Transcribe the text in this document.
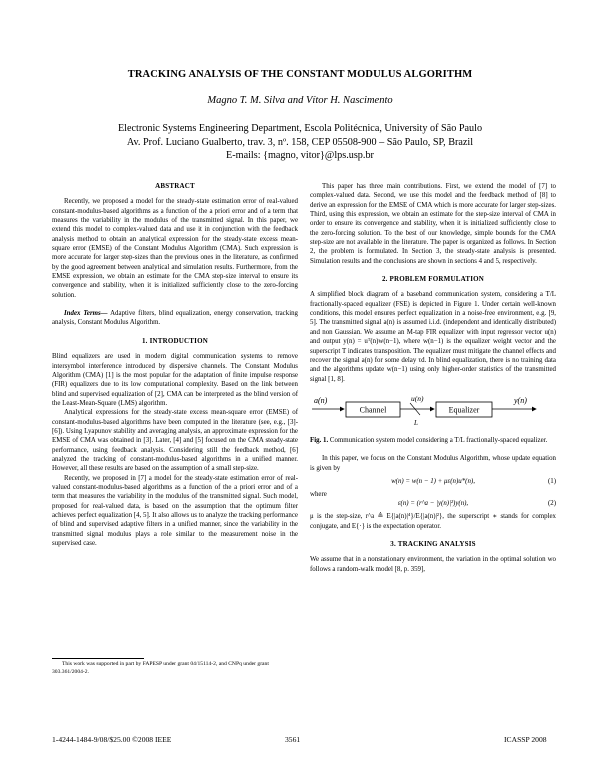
TRACKING ANALYSIS OF THE CONSTANT MODULUS ALGORITHM
Magno T. M. Silva and Vítor H. Nascimento
Electronic Systems Engineering Department, Escola Politécnica, University of São Paulo
Av. Prof. Luciano Gualberto, trav. 3, nº. 158, CEP 05508-900 – São Paulo, SP, Brazil
E-mails: {magno, vitor}@lps.usp.br
ABSTRACT

Recently, we proposed a model for the steady-state estimation error of real-valued constant-modulus-based algorithms as a function of the a priori error and of a term that measures the variability in the modulus of the transmitted signal. In this paper, we extend this model to complex-valued data and use it in conjunction with the feedback analysis method to obtain an analytical expression for the steady-state excess mean-square error (EMSE) of the Constant Modulus Algorithm (CMA). Such expression is more accurate for larger step-sizes than the previous ones in the literature, as confirmed by the good agreement between analytical and simulation results. Furthermore, from the EMSE expression, we obtain an estimate for the CMA step-size interval to ensure its convergence and stability, when it is initialized sufficiently close to the zero-forcing solution.

Index Terms— Adaptive filters, blind equalization, energy conservation, tracking analysis, Constant Modulus Algorithm.

1. INTRODUCTION

Blind equalizers are used in modern digital communication systems to remove intersymbol interference introduced by dispersive channels. The Constant Modulus Algorithm (CMA) [1] is the most popular for the adaptation of finite impulse response (FIR) equalizers due to its low computational complexity. Based on the link between blind and supervised equalization of [2], CMA can be interpreted as the blind version of the Least-Mean-Square (LMS) algorithm.

Analytical expressions for the steady-state excess mean-square error (EMSE) of constant-modulus-based algorithms have been computed in the literature (see, e.g., [3]-[6]). Using Lyapunov stability and averaging analysis, an approximate expression for the EMSE of CMA was obtained in [3]. Later, [4] and [5] focused on the CMA steady-state performance, using feedback analysis. Considering still the feedback method, [6] analyzed the tracking of constant-modulus-based algorithms in a unified manner. However, all these results are based on the assumption of a small step-size.

Recently, we proposed in [7] a model for the steady-state estimation error of real-valued constant-modulus-based algorithms as a function of the a priori error and of a term that measures the variability in the modulus of the transmitted signal. Such model, proposed for real-valued data, is based on the assumption that the optimum filter achieves perfect equalization [4, 5]. It also allows us to analyze the tracking performance of blind and supervised adaptive filters in a unified manner, since the variability in the transmitted signal modulus plays a role similar to the measurement noise in the supervised case.

This work was supported in part by FAPESP under grant 04/15114-2, and CNPq under grant 303.361/2004-2.

This paper has three main contributions. First, we extend the model of [7] to complex-valued data. Second, we use this model and the feedback method of [8] to derive an expression for the EMSE of CMA which is more accurate for larger step-sizes. Third, using this expression, we obtain an estimate for the step-size interval of CMA in order to ensure its convergence and stability, when it is initialized sufficiently close to the zero-forcing solution. To the best of our knowledge, simple bounds for the CMA step-size are not available in the literature. The paper is organized as follows. In Section 2, the problem is formulated. In Section 3, the steady-state analysis is presented. Simulation results and the conclusions are shown in sections 4 and 5, respectively.

2. PROBLEM FORMULATION

A simplified block diagram of a baseband communication system, considering a T/L fractionally-spaced equalizer (FSE) is depicted in Figure 1. Under certain well-known conditions, this model ensures perfect equalization in a noise-free environment, e.g. [9, 5]. The transmitted signal a(n) is assumed i.i.d. (independent and identically distributed) and non Gaussian. We assume an M-tap FIR equalizer with input regressor vector u(n) and output y(n) = uᵀ(n)w(n−1), where w(n−1) is the equalizer weight vector and the superscript T indicates transposition. The equalizer must mitigate the channel effects and recover the signal a(n) for some delay τd. In blind equalization, there is no training data and the algorithms update w(n−1) using only higher-order statistics of the transmitted signal [1, 8].

a(n)
Channel
u(n)
L
Equalizer
y(n)
Fig. 1. Communication system model considering a T/L fractionally-spaced equalizer.

In this paper, we focus on the Constant Modulus Algorithm, whose update equation is given by

w(n) = w(n − 1) + με(n)u*(n),	(1)

where

ε(n) = (r^a − |y(n)|²)y(n),	(2)

μ is the step-size, r^a ≜ E{|a(n)|⁴}/E{|a(n)|²}, the superscript ∗ stands for complex conjugate, and E{·} is the expectation operator.

3. TRACKING ANALYSIS

We assume that in a nonstationary environment, the variation in the optimal solution wo follows a random-walk model [8, p. 359],

1-4244-1484-9/08/$25.00 ©2008 IEEE	3561	ICASSP 2008
